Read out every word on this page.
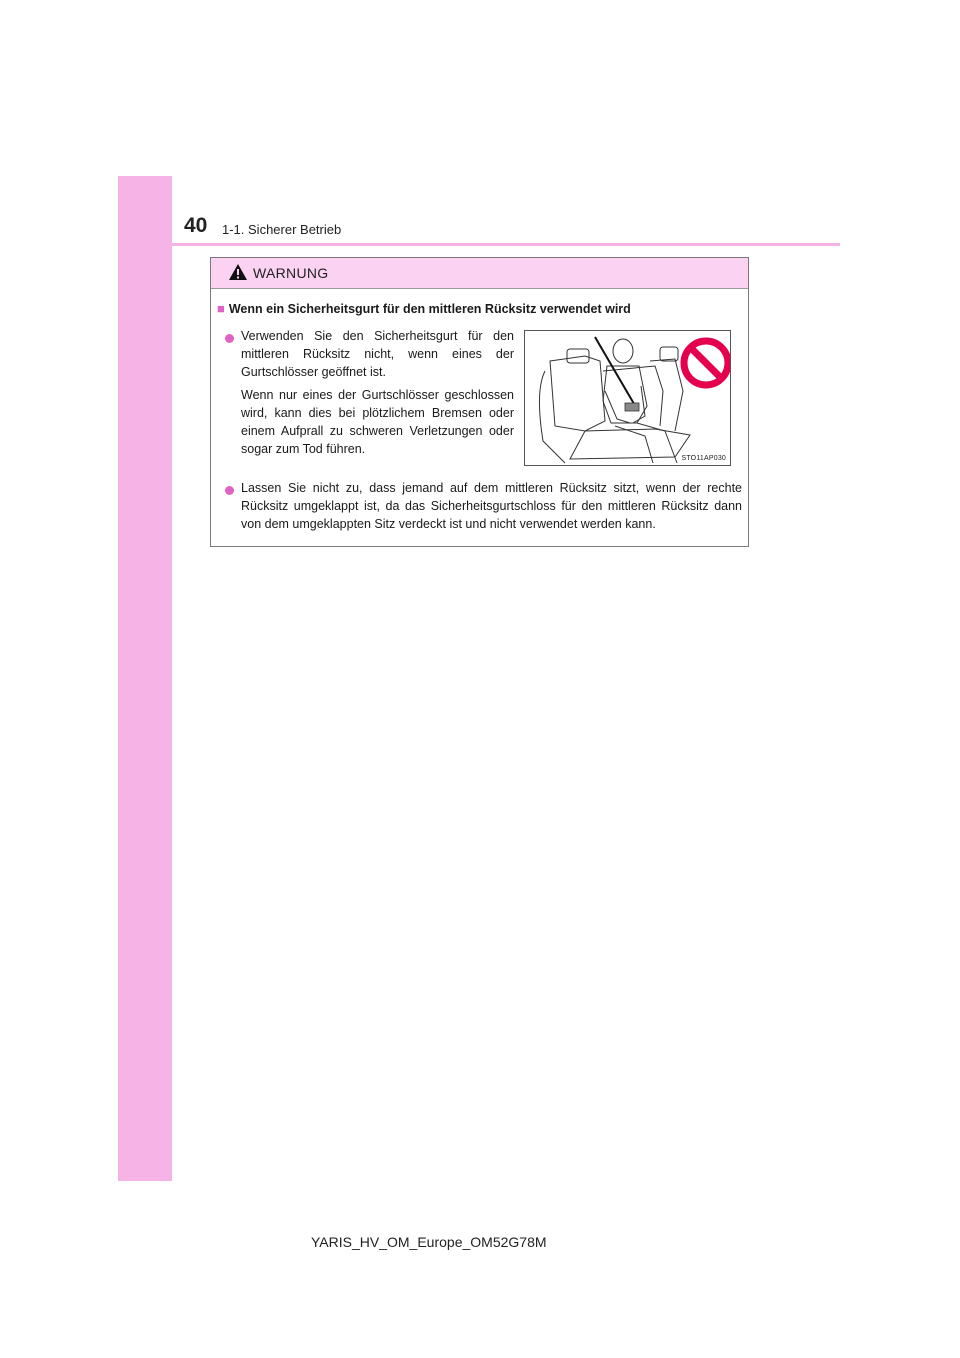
40 1-1. Sicherer Betrieb
WARNUNG
■ Wenn ein Sicherheitsgurt für den mittleren Rücksitz verwendet wird
Verwenden Sie den Sicherheitsgurt für den mittleren Rücksitz nicht, wenn eines der Gurtschlösser geöffnet ist.
Wenn nur eines der Gurtschlösser geschlossen wird, kann dies bei plötzlichem Bremsen oder einem Aufprall zu schweren Verletzungen oder sogar zum Tod führen.
STO11AP030
Lassen Sie nicht zu, dass jemand auf dem mittleren Rücksitz sitzt, wenn der rechte Rücksitz umgeklappt ist, da das Sicherheitsgurtschloss für den mittleren Rücksitz dann von dem umgeklappten Sitz verdeckt ist und nicht verwendet werden kann.
YARIS_HV_OM_Europe_OM52G78M
